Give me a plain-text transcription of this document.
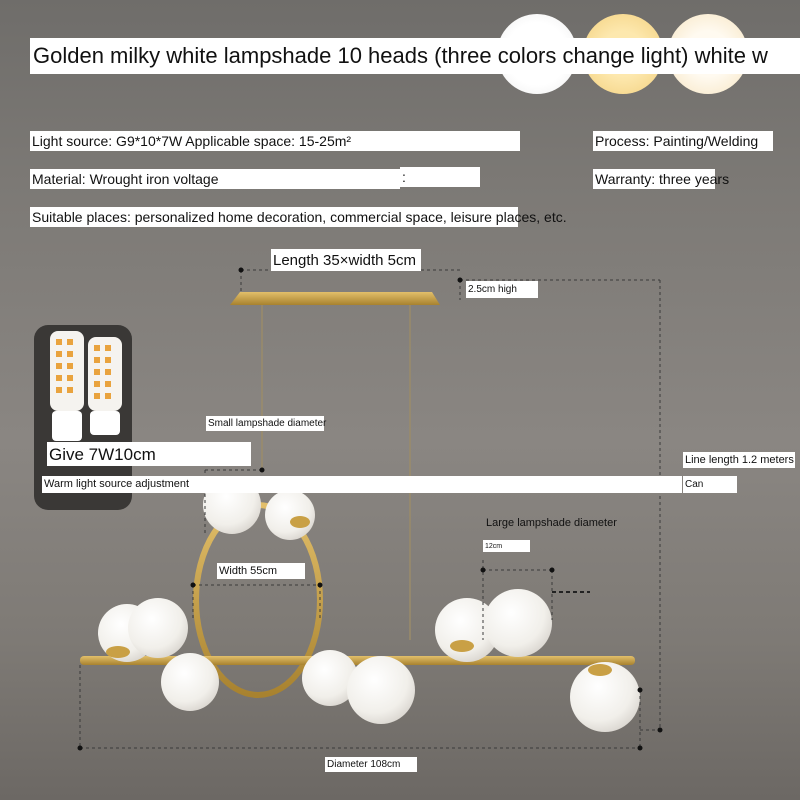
Golden milky white lampshade 10 heads (three colors change light) white w
Light source: G9*10*7W Applicable space: 15-25m²	Process: Painting/Welding
Material: Wrought iron voltage	:	Warranty: three years
Suitable places: personalized home decoration, commercial space, leisure places, etc.
Length 35×width 5cm
2.5cm high
Small lampshade diameter
Give 7W10cm	Line length 1.2 meters
Warm light source adjustment	Can
Large lampshade diameter
12cm
Width 55cm
Diameter 108cm
